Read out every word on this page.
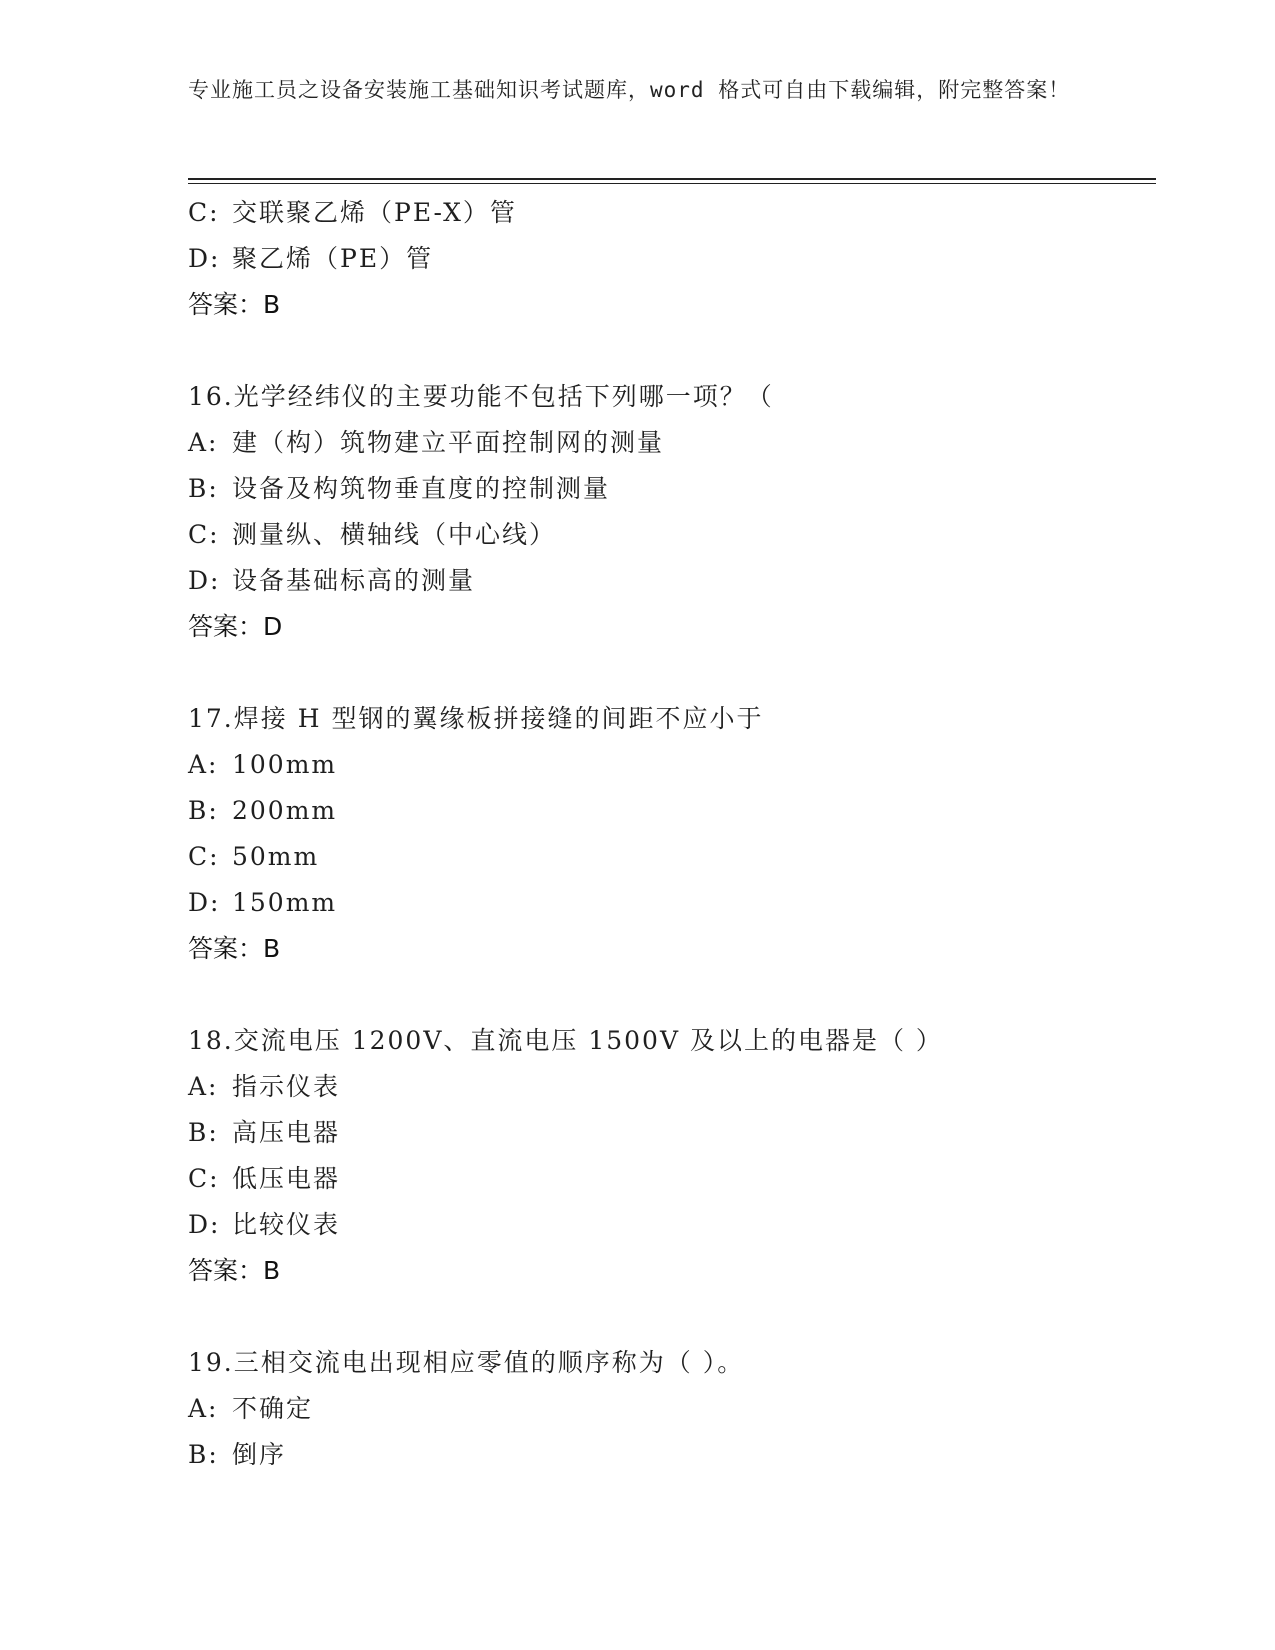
专业施工员之设备安装施工基础知识考试题库，word 格式可自由下载编辑，附完整答案！
C: 交联聚乙烯（PE-X）管
D: 聚乙烯（PE）管
答案：B
16.光学经纬仪的主要功能不包括下列哪一项？（
A: 建（构）筑物建立平面控制网的测量
B: 设备及构筑物垂直度的控制测量
C: 测量纵、横轴线（中心线）
D: 设备基础标高的测量
答案：D
17.焊接 H 型钢的翼缘板拼接缝的间距不应小于
A: 100mm
B: 200mm
C: 50mm
D: 150mm
答案：B
18.交流电压 1200V、直流电压 1500V 及以上的电器是（ ）
A: 指示仪表
B: 高压电器
C: 低压电器
D: 比较仪表
答案：B
19.三相交流电出现相应零值的顺序称为（ ）。
A: 不确定
B: 倒序
